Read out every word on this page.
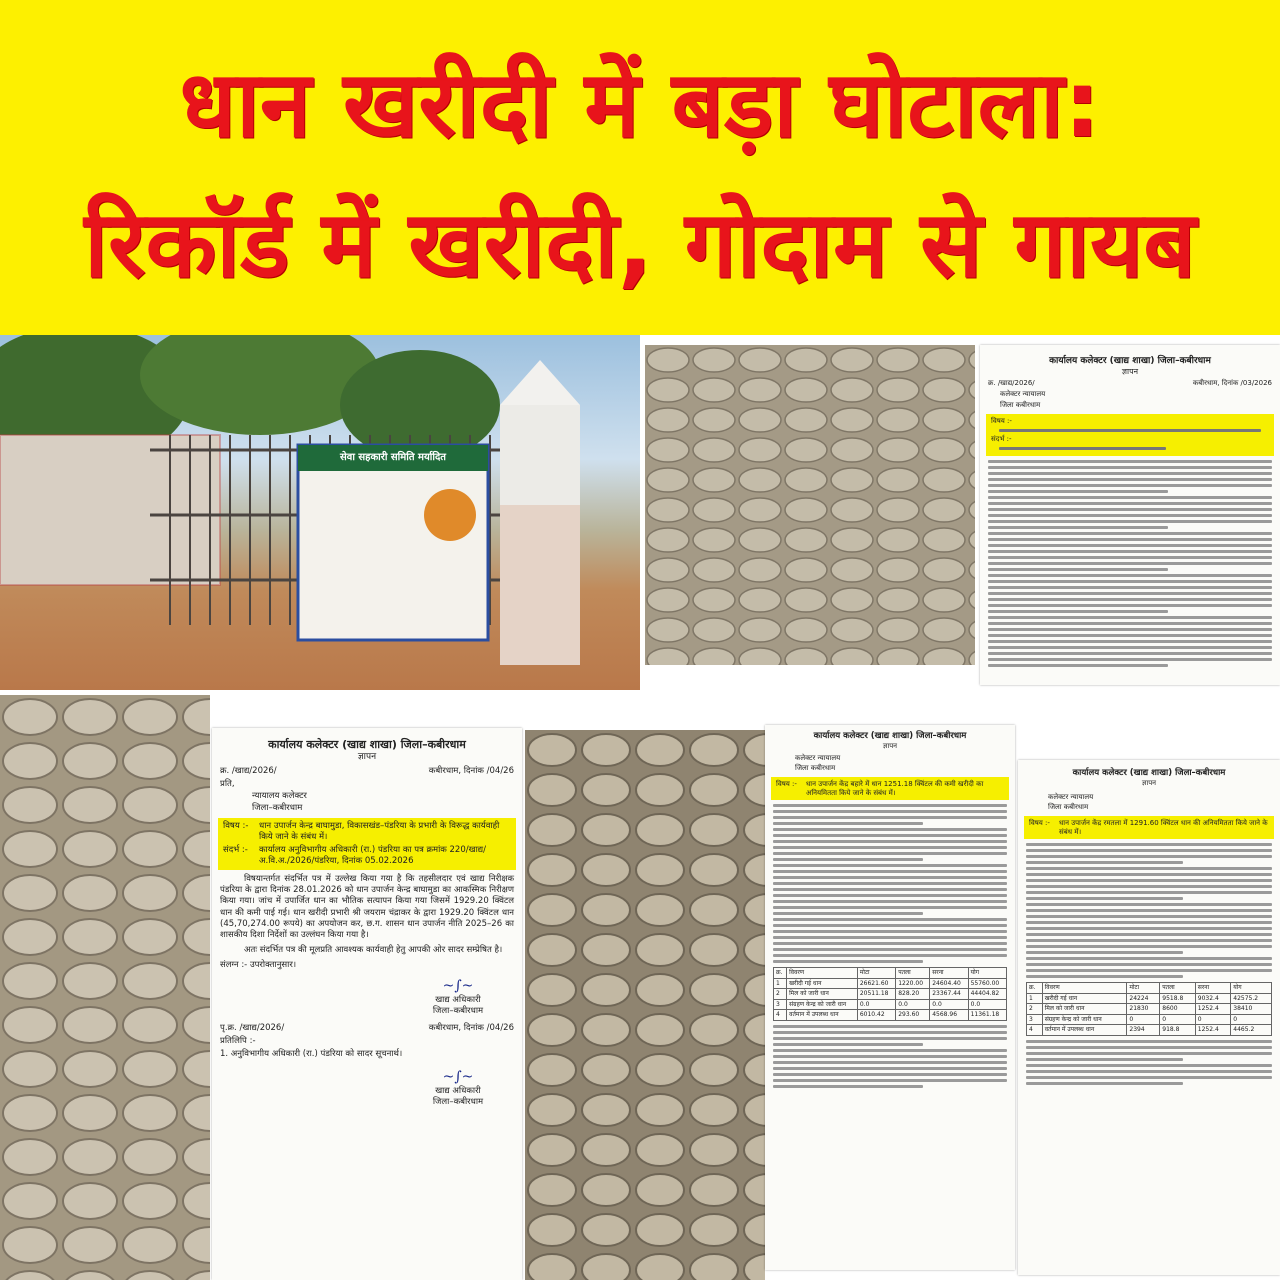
धान खरीदी में बड़ा घोटाला:
रिकॉर्ड में खरीदी, गोदाम से गायब
सेवा सहकारी समिति मर्यादित
कार्यालय कलेक्टर (खाद्य शाखा) जिला–कबीरधाम
ज्ञापन
क्र. /खाद्य/2026/	कबीरधाम, दिनांक /03/2026
कलेक्टर न्यायालय
जिला कबीरधाम
विषय :-
संदर्भ :-
कार्यालय कलेक्टर (खाद्य शाखा) जिला–कबीरधाम
ज्ञापन
क्र. /खाद्य/2026/	कबीरधाम, दिनांक /04/26
प्रति,
न्यायालय कलेक्टर
जिला–कबीरधाम
विषय :-	धान उपार्जन केन्द्र बाघामुडा, विकासखंड–पंडरिया के प्रभारी के विरूद्ध कार्यवाही किये जाने के संबंध में।
संदर्भ :-	कार्यालय अनुविभागीय अधिकारी (रा.) पंडरिया का पत्र क्रमांक 220/खाद्य/अ.वि.अ./2026/पंडरिया, दिनांक 05.02.2026
विषयान्तर्गत संदर्भित पत्र में उल्लेख किया गया है कि तहसीलदार एवं खाद्य निरीक्षक पंडरिया के द्वारा दिनांक 28.01.2026 को धान उपार्जन केन्द्र बाघामुडा का आकस्मिक निरीक्षण किया गया। जांच में उपार्जित धान का भौतिक सत्यापन किया गया जिसमें 1929.20 क्विंटल धान की कमी पाई गई। धान खरीदी प्रभारी श्री जयराम चंद्राकर के द्वारा 1929.20 क्विंटल धान (45,70,274.00 रूपये) का अपयोजन कर, छ.ग. शासन धान उपार्जन नीति 2025–26 का शासकीय दिशा निर्देशों का उल्लंघन किया गया है।
अतः संदर्भित पत्र की मूलप्रति आवश्यक कार्यवाही हेतु आपकी ओर सादर सम्प्रेषित है।
संलग्न :- उपरोक्तानुसार।
~∫~
खाद्य अधिकारी
जिला–कबीरधाम
पृ.क्र. /खाद्य/2026/	कबीरधाम, दिनांक /04/26
प्रतिलिपि :-
1. अनुविभागीय अधिकारी (रा.) पंडरिया को सादर सूचनार्थ।
~∫~
खाद्य अधिकारी
जिला–कबीरधाम
कार्यालय कलेक्टर (खाद्य शाखा) जिला–कबीरधाम
ज्ञापन
कलेक्टर न्यायालय
जिला कबीरधाम
विषय :-	धान उपार्जन केंद्र बहारे में धान 1251.18 क्विंटल की कमी खरीदी का अनियमितता किये जाने के संबंध में।
क्र.	विवरण	मोटा	पतला	सरना	योग
1	खरीदी गई धान	26621.60	1220.00	24604.40	55760.00
2	मिल को जारी धान	20511.18	828.20	23367.44	44404.82
3	संग्रहण केन्द्र को जारी धान	0.0	0.0	0.0	0.0
4	वर्तमान में उपलब्ध धान	6010.42	293.60	4568.96	11361.18
कार्यालय कलेक्टर (खाद्य शाखा) जिला–कबीरधाम
ज्ञापन
कलेक्टर न्यायालय
जिला कबीरधाम
विषय :-	धान उपार्जन केंद्र रमतला में 1291.60 क्विंटल धान की अनियमितता किये जाने के संबंध में।
क्र.	विवरण	मोटा	पतला	सरना	योग
1	खरीदी गई धान	24224	9518.8	9032.4	42575.2
2	मिल को जारी धान	21830	8600	1252.4	38410
3	संग्रहण केन्द्र को जारी धान	0	0	0	0
4	वर्तमान में उपलब्ध धान	2394	918.8	1252.4	4465.2
